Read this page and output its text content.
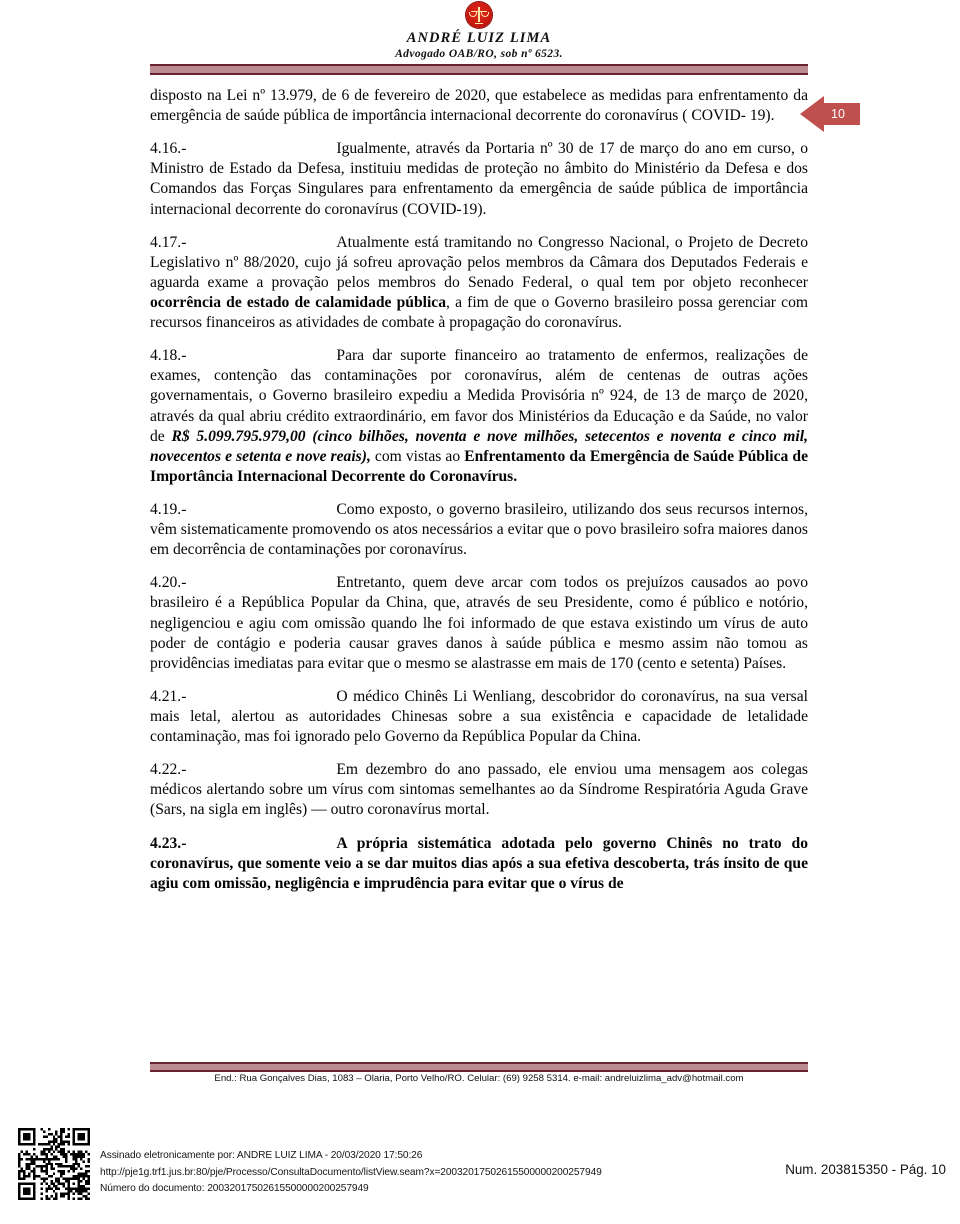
ANDRÉ LUIZ LIMA
Advogado OAB/RO, sob nº 6523.
10

disposto na Lei nº 13.979, de 6 de fevereiro de 2020, que estabelece as medidas para enfrentamento da emergência de saúde pública de importância internacional decorrente do coronavírus ( COVID- 19).

4.16.-	Igualmente, através da Portaria nº 30 de 17 de março do ano em curso, o Ministro de Estado da Defesa, instituiu medidas de proteção no âmbito do Ministério da Defesa e dos Comandos das Forças Singulares para enfrentamento da emergência de saúde pública de importância internacional decorrente do coronavírus (COVID-19).

4.17.-	Atualmente está tramitando no Congresso Nacional, o Projeto de Decreto Legislativo nº 88/2020, cujo já sofreu aprovação pelos membros da Câmara dos Deputados Federais e aguarda exame a provação pelos membros do Senado Federal, o qual tem por objeto reconhecer ocorrência de estado de calamidade pública, a fim de que o Governo brasileiro possa gerenciar com recursos financeiros as atividades de combate à propagação do coronavírus.

4.18.-	Para dar suporte financeiro ao tratamento de enfermos, realizações de exames, contenção das contaminações por coronavírus, além de centenas de outras ações governamentais, o Governo brasileiro expediu a Medida Provisória nº 924, de 13 de março de 2020, através da qual abriu crédito extraordinário, em favor dos Ministérios da Educação e da Saúde, no valor de R$ 5.099.795.979,00 (cinco bilhões, noventa e nove milhões, setecentos e noventa e cinco mil, novecentos e setenta e nove reais), com vistas ao Enfrentamento da Emergência de Saúde Pública de Importância Internacional Decorrente do Coronavírus.

4.19.-	Como exposto, o governo brasileiro, utilizando dos seus recursos internos, vêm sistematicamente promovendo os atos necessários a evitar que o povo brasileiro sofra maiores danos em decorrência de contaminações por coronavírus.

4.20.-	Entretanto, quem deve arcar com todos os prejuízos causados ao povo brasileiro é a República Popular da China, que, através de seu Presidente, como é público e notório, negligenciou e agiu com omissão quando lhe foi informado de que estava existindo um vírus de auto poder de contágio e poderia causar graves danos à saúde pública e mesmo assim não tomou as providências imediatas para evitar que o mesmo se alastrasse em mais de 170 (cento e setenta) Países.

4.21.-	O médico Chinês Li Wenliang, descobridor do coronavírus, na sua versal mais letal, alertou as autoridades Chinesas sobre a sua existência e capacidade de letalidade contaminação, mas foi ignorado pelo Governo da República Popular da China.

4.22.-	Em dezembro do ano passado, ele enviou uma mensagem aos colegas médicos alertando sobre um vírus com sintomas semelhantes ao da Síndrome Respiratória Aguda Grave (Sars, na sigla em inglês) — outro coronavírus mortal.

4.23.-	A própria sistemática adotada pelo governo Chinês no trato do coronavírus, que somente veio a se dar muitos dias após a sua efetiva descoberta, trás ínsito de que agiu com omissão, negligência e imprudência para evitar que o vírus de

End.: Rua Gonçalves Dias, 1083 – Olaria, Porto Velho/RO. Celular: (69) 9258 5314. e-mail: andreluizlima_adv@hotmail.com
Assinado eletronicamente por: ANDRE LUIZ LIMA - 20/03/2020 17:50:26
http://pje1g.trf1.jus.br:80/pje/Processo/ConsultaDocumento/listView.seam?x=20032017502615500000200257949
Número do documento: 20032017502615500000200257949
Num. 203815350 - Pág. 10
